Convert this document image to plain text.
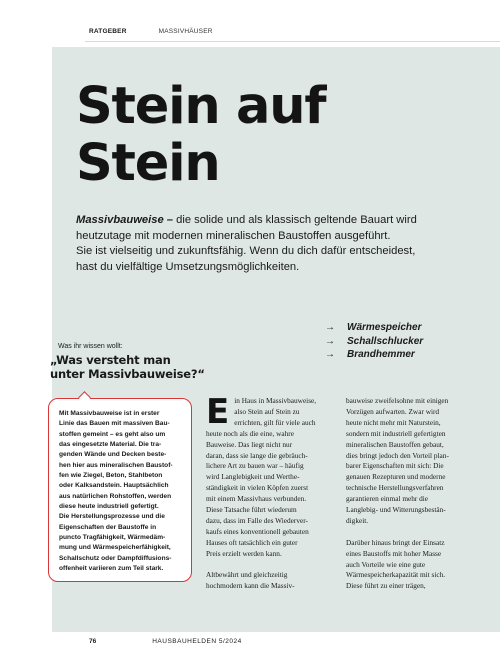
RATGEBER	MASSIVHÄUSER
Stein auf
Stein
Massivbauweise – die solide und als klassisch geltende Bauart wird
heutzutage mit modernen mineralischen Baustoffen ausgeführt.
Sie ist vielseitig und zukunftsfähig. Wenn du dich dafür entscheidest,
hast du vielfältige Umsetzungsmöglichkeiten.
→	Wärmespeicher
→	Schallschlucker
→	Brandhemmer
Was ihr wissen wollt:
„Was versteht man
unter Massivbauweise?“
Mit Massivbauweise ist in erster
Linie das Bauen mit massiven Bau-
stoffen gemeint – es geht also um
das eingesetzte Material. Die tra-
genden Wände und Decken beste-
hen hier aus mineralischen Baustof-
fen wie Ziegel, Beton, Stahlbeton
oder Kalksandstein. Hauptsächlich
aus natürlichen Rohstoffen, werden
diese heute industriell gefertigt.
Die Herstellungsprozesse und die
Eigenschaften der Baustoffe in
puncto Tragfähigkeit, Wärmedäm-
mung und Wärmespeicherfähigkeit,
Schallschutz oder Dampfdiffusions-
offenheit variieren zum Teil stark.

E in Haus in Massivbauweise,
also Stein auf Stein zu
errichten, gilt für viele auch
heute noch als die eine, wahre
Bauweise. Das liegt nicht nur
daran, dass sie lange die gebräuch-
lichere Art zu bauen war – häufig
wird Langlebigkeit und Werthe-
ständigkeit in vielen Köpfen zuerst
mit einem Massivhaus verbunden.
Diese Tatsache führt wiederum
dazu, dass im Falle des Wiederver-
kaufs eines konventionell gebauten
Hauses oft tatsächlich ein guter
Preis erzielt werden kann.

Altbewährt und gleichzeitig
hochmodern kann die Massiv-

bauweise zweifelsohne mit einigen
Vorzügen aufwarten. Zwar wird
heute nicht mehr mit Naturstein,
sondern mit industriell gefertigten
mineralischen Baustoffen gebaut,
dies bringt jedoch den Vorteil plan-
barer Eigenschaften mit sich: Die
genauen Rezepturen und moderne
technische Herstellungsverfahren
garantieren einmal mehr die
Langlebig- und Witterungsbestän-
digkeit.

Darüber hinaus bringt der Einsatz
eines Baustoffs mit hoher Masse
auch Vorteile wie eine gute
Wärmespeicherkapazität mit sich.
Diese führt zu einer trägen,

76	HAUSBAUHELDEN 5/2024
